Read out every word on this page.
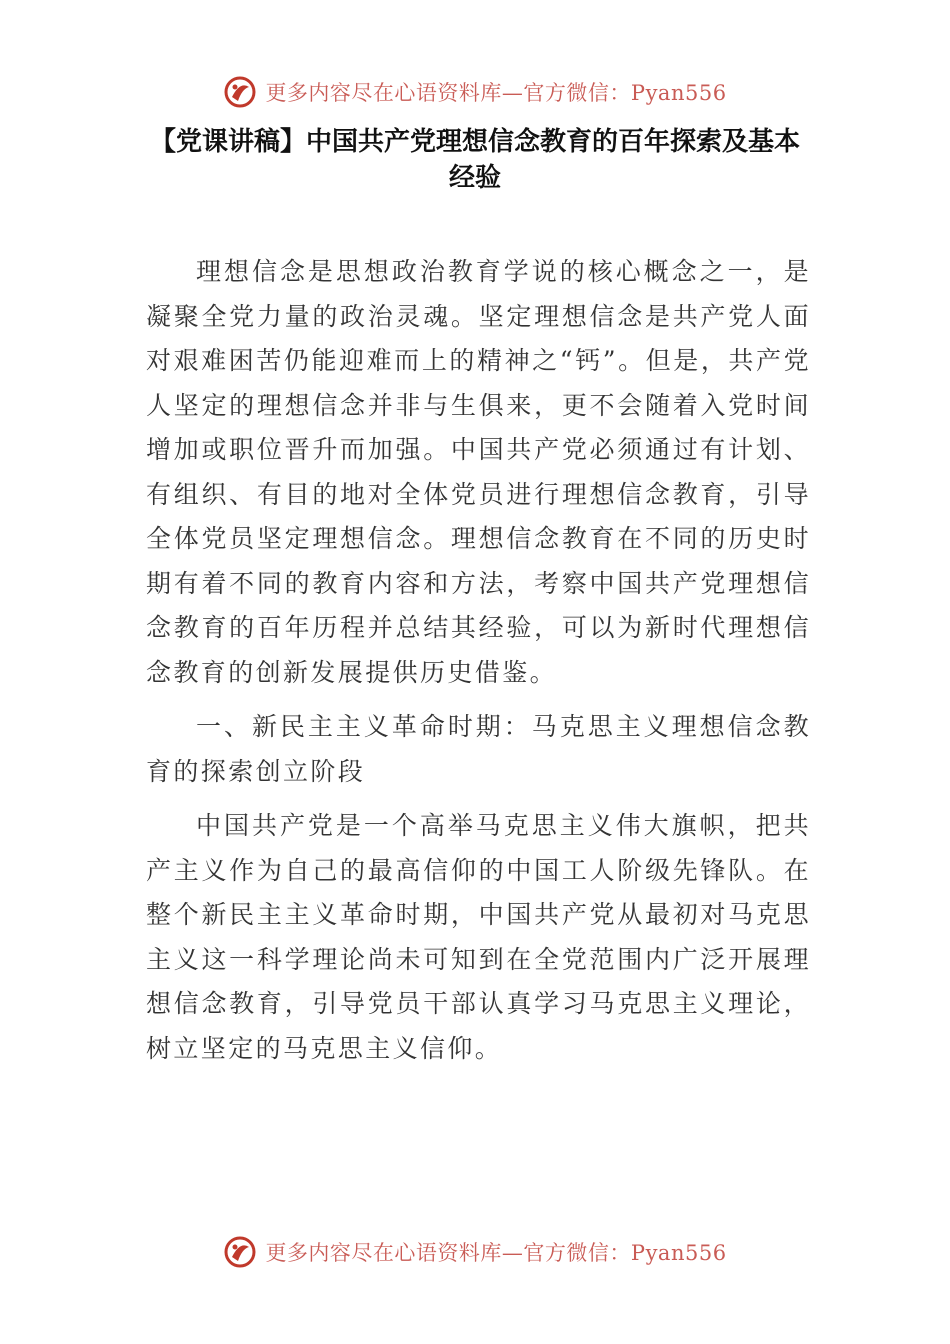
更多内容尽在心语资料库—官方微信：Pyan556
【党课讲稿】中国共产党理想信念教育的百年探索及基本经验

理想信念是思想政治教育学说的核心概念之一，是凝聚全党力量的政治灵魂。坚定理想信念是共产党人面对艰难困苦仍能迎难而上的精神之“钙”。但是，共产党人坚定的理想信念并非与生俱来，更不会随着入党时间增加或职位晋升而加强。中国共产党必须通过有计划、有组织、有目的地对全体党员进行理想信念教育，引导全体党员坚定理想信念。理想信念教育在不同的历史时期有着不同的教育内容和方法，考察中国共产党理想信念教育的百年历程并总结其经验，可以为新时代理想信念教育的创新发展提供历史借鉴。

一、新民主主义革命时期：马克思主义理想信念教育的探索创立阶段

中国共产党是一个高举马克思主义伟大旗帜，把共产主义作为自己的最高信仰的中国工人阶级先锋队。在整个新民主主义革命时期，中国共产党从最初对马克思主义这一科学理论尚未可知到在全党范围内广泛开展理想信念教育，引导党员干部认真学习马克思主义理论，树立坚定的马克思主义信仰。

更多内容尽在心语资料库—官方微信：Pyan556
